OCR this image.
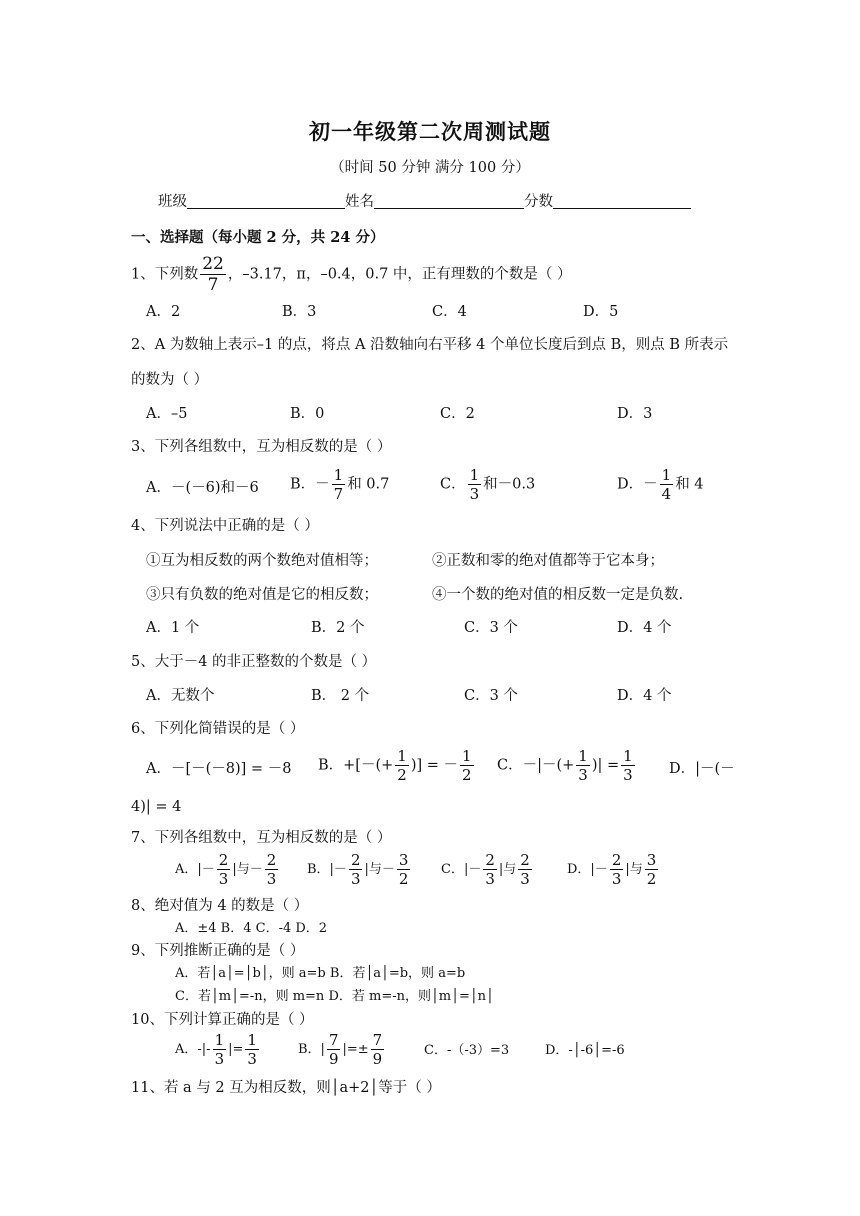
初一年级第二次周测试题
（时间 50 分钟 满分 100 分）
班级	姓名	分数
一、选择题（每小题 2 分，共 24 分）
1、下列数 $\frac{22}{7}$ ，–3.17，π，–0.4，0.7 中，正有理数的个数是（ ）
A．2	B．3	C．4	D．5
2、A 为数轴上表示–1 的点，将点 A 沿数轴向右平移 4 个单位长度后到点 B，则点 B 所表示
的数为（ ）
A．–5	B．0	C．2	D．3
3、下列各组数中，互为相反数的是（ ）
A．－(－6)和－6 B．－ $\frac{1}{7}$ 和 0.7	C． $\frac{1}{3}$ 和－0.3	D．－ $\frac{1}{4}$ 和 4
4、下列说法中正确的是（ ）
①互为相反数的两个数绝对值相等；	②正数和零的绝对值都等于它本身；
③只有负数的绝对值是它的相反数；	④一个数的绝对值的相反数一定是负数.
A．1 个	B．2 个	C．3 个	D．4 个
5、大于－4 的非正整数的个数是（ ）
A．无数个	B． 2 个	C．3 个	D．4 个
6、下列化简错误的是（ ）
A．－[－(－8)] = －8 B．+[－(+ $\frac{1}{2}$ )] = － $\frac{1}{2}$ C．－|－(+ $\frac{1}{3}$ )| = $\frac{1}{3}$ D．|－(－
4)| = 4
7、下列各组数中，互为相反数的是（ ）
A．|－ $\frac{2}{3}$ |与－ $\frac{2}{3}$ B．|－ $\frac{2}{3}$ |与－ $\frac{3}{2}$ C．|－ $\frac{2}{3}$ |与 $\frac{2}{3}$	D．|－ $\frac{2}{3}$ |与 $\frac{3}{2}$
8、绝对值为 4 的数是（ ）
A．±4 B．4 C．-4 D．2
9、下列推断正确的是（ ）
A．若│a│=│b│，则 a=b B．若│a│=b，则 a=b
C．若│m│=-n，则 m=n D．若 m=-n，则│m│=│n│
10、下列计算正确的是（ ）
A．-|- $\frac{1}{3}$ |= $\frac{1}{3}$	B．| $\frac{7}{9}$ |=± $\frac{7}{9}$	C．-（-3）=3	D．-│-6│=-6
11、若 a 与 2 互为相反数，则│a+2│等于（ ）
